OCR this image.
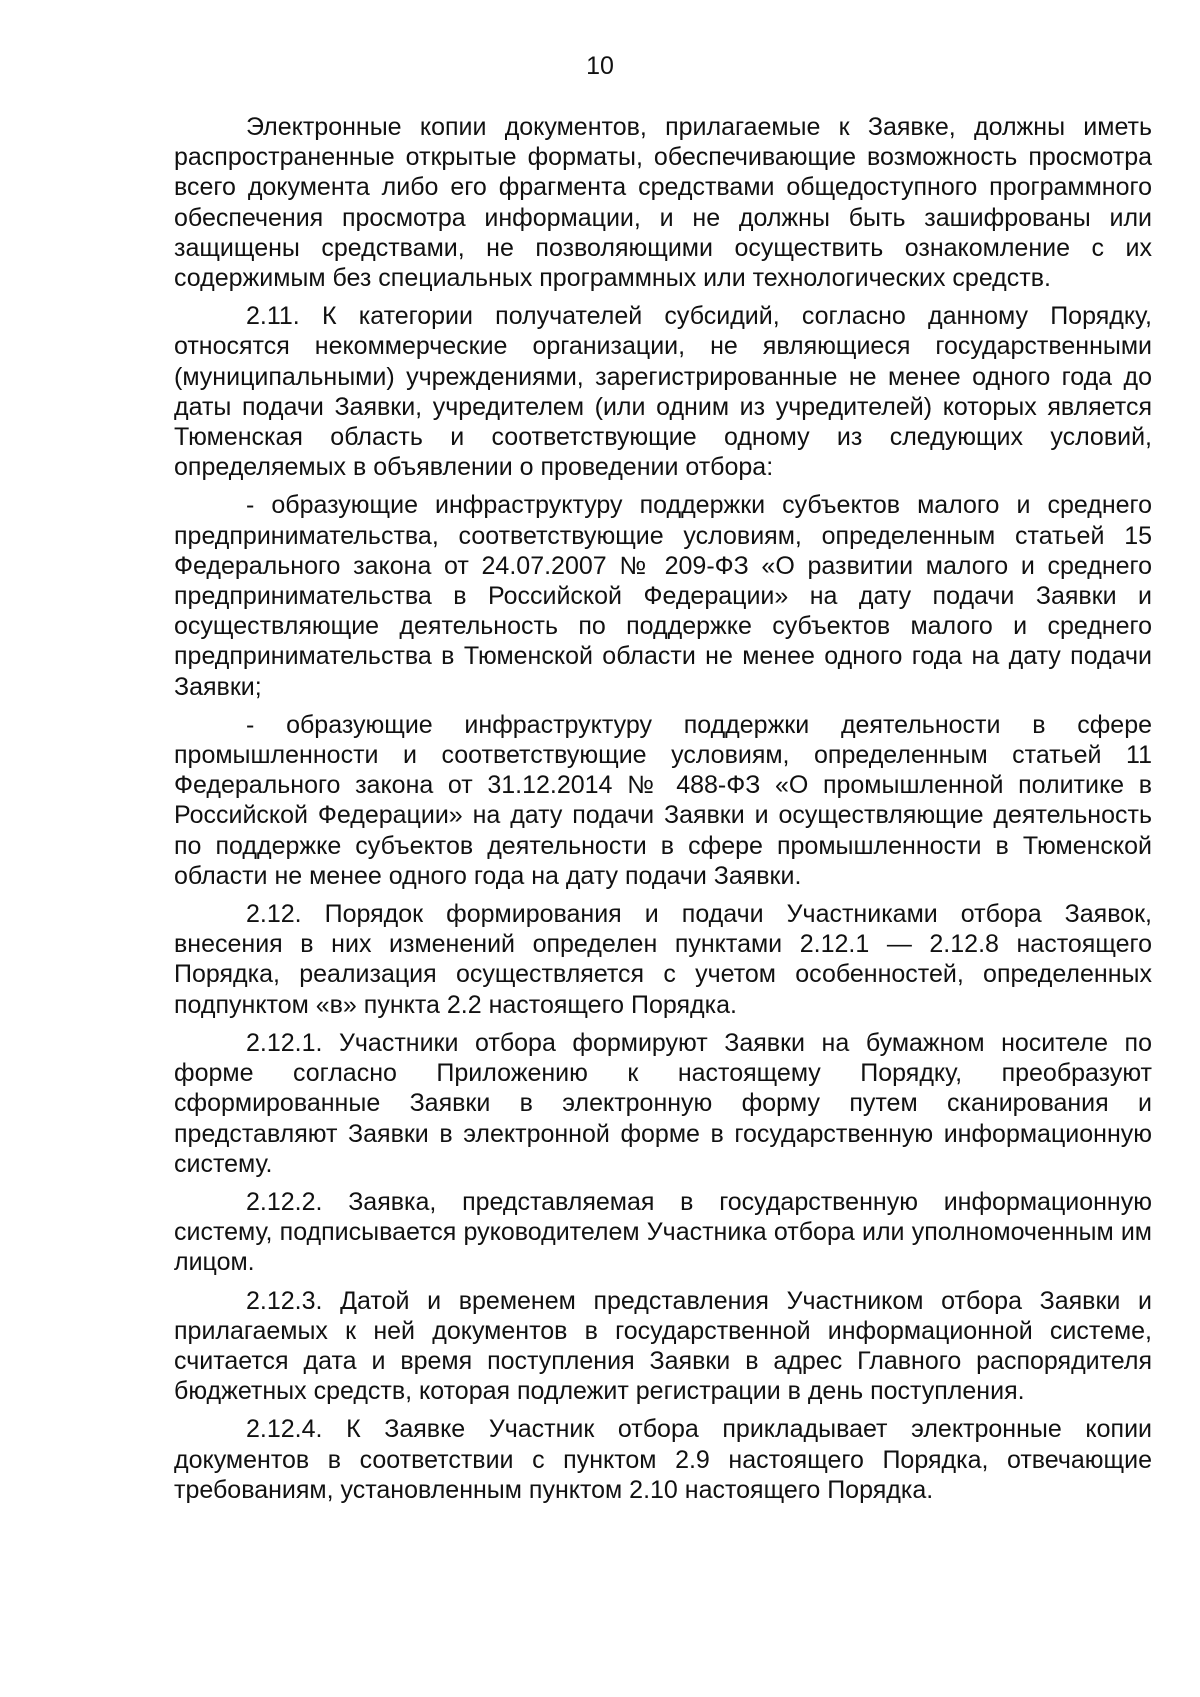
10

Электронные копии документов, прилагаемые к Заявке, должны иметь распространенные открытые форматы, обеспечивающие возможность просмотра всего документа либо его фрагмента средствами общедоступного программного обеспечения просмотра информации, и не должны быть зашифрованы или защищены средствами, не позволяющими осуществить ознакомление с их содержимым без специальных программных или технологических средств.

2.11. К категории получателей субсидий, согласно данному Порядку, относятся некоммерческие организации, не являющиеся государственными (муниципальными) учреждениями, зарегистрированные не менее одного года до даты подачи Заявки, учредителем (или одним из учредителей) которых является Тюменская область и соответствующие одному из следующих условий, определяемых в объявлении о проведении отбора:

- образующие инфраструктуру поддержки субъектов малого и среднего предпринимательства, соответствующие условиям, определенным статьей 15 Федерального закона от 24.07.2007 № 209-ФЗ «О развитии малого и среднего предпринимательства в Российской Федерации» на дату подачи Заявки и осуществляющие деятельность по поддержке субъектов малого и среднего предпринимательства в Тюменской области не менее одного года на дату подачи Заявки;

- образующие инфраструктуру поддержки деятельности в сфере промышленности и соответствующие условиям, определенным статьей 11 Федерального закона от 31.12.2014 № 488-ФЗ «О промышленной политике в Российской Федерации» на дату подачи Заявки и осуществляющие деятельность по поддержке субъектов деятельности в сфере промышленности в Тюменской области не менее одного года на дату подачи Заявки.

2.12. Порядок формирования и подачи Участниками отбора Заявок, внесения в них изменений определен пунктами 2.12.1 — 2.12.8 настоящего Порядка, реализация осуществляется с учетом особенностей, определенных подпунктом «в» пункта 2.2 настоящего Порядка.

2.12.1. Участники отбора формируют Заявки на бумажном носителе по форме согласно Приложению к настоящему Порядку, преобразуют сформированные Заявки в электронную форму путем сканирования и представляют Заявки в электронной форме в государственную информационную систему.

2.12.2. Заявка, представляемая в государственную информационную систему, подписывается руководителем Участника отбора или уполномоченным им лицом.

2.12.3. Датой и временем представления Участником отбора Заявки и прилагаемых к ней документов в государственной информационной системе, считается дата и время поступления Заявки в адрес Главного распорядителя бюджетных средств, которая подлежит регистрации в день поступления.

2.12.4. К Заявке Участник отбора прикладывает электронные копии документов в соответствии с пунктом 2.9 настоящего Порядка, отвечающие требованиям, установленным пунктом 2.10 настоящего Порядка.
